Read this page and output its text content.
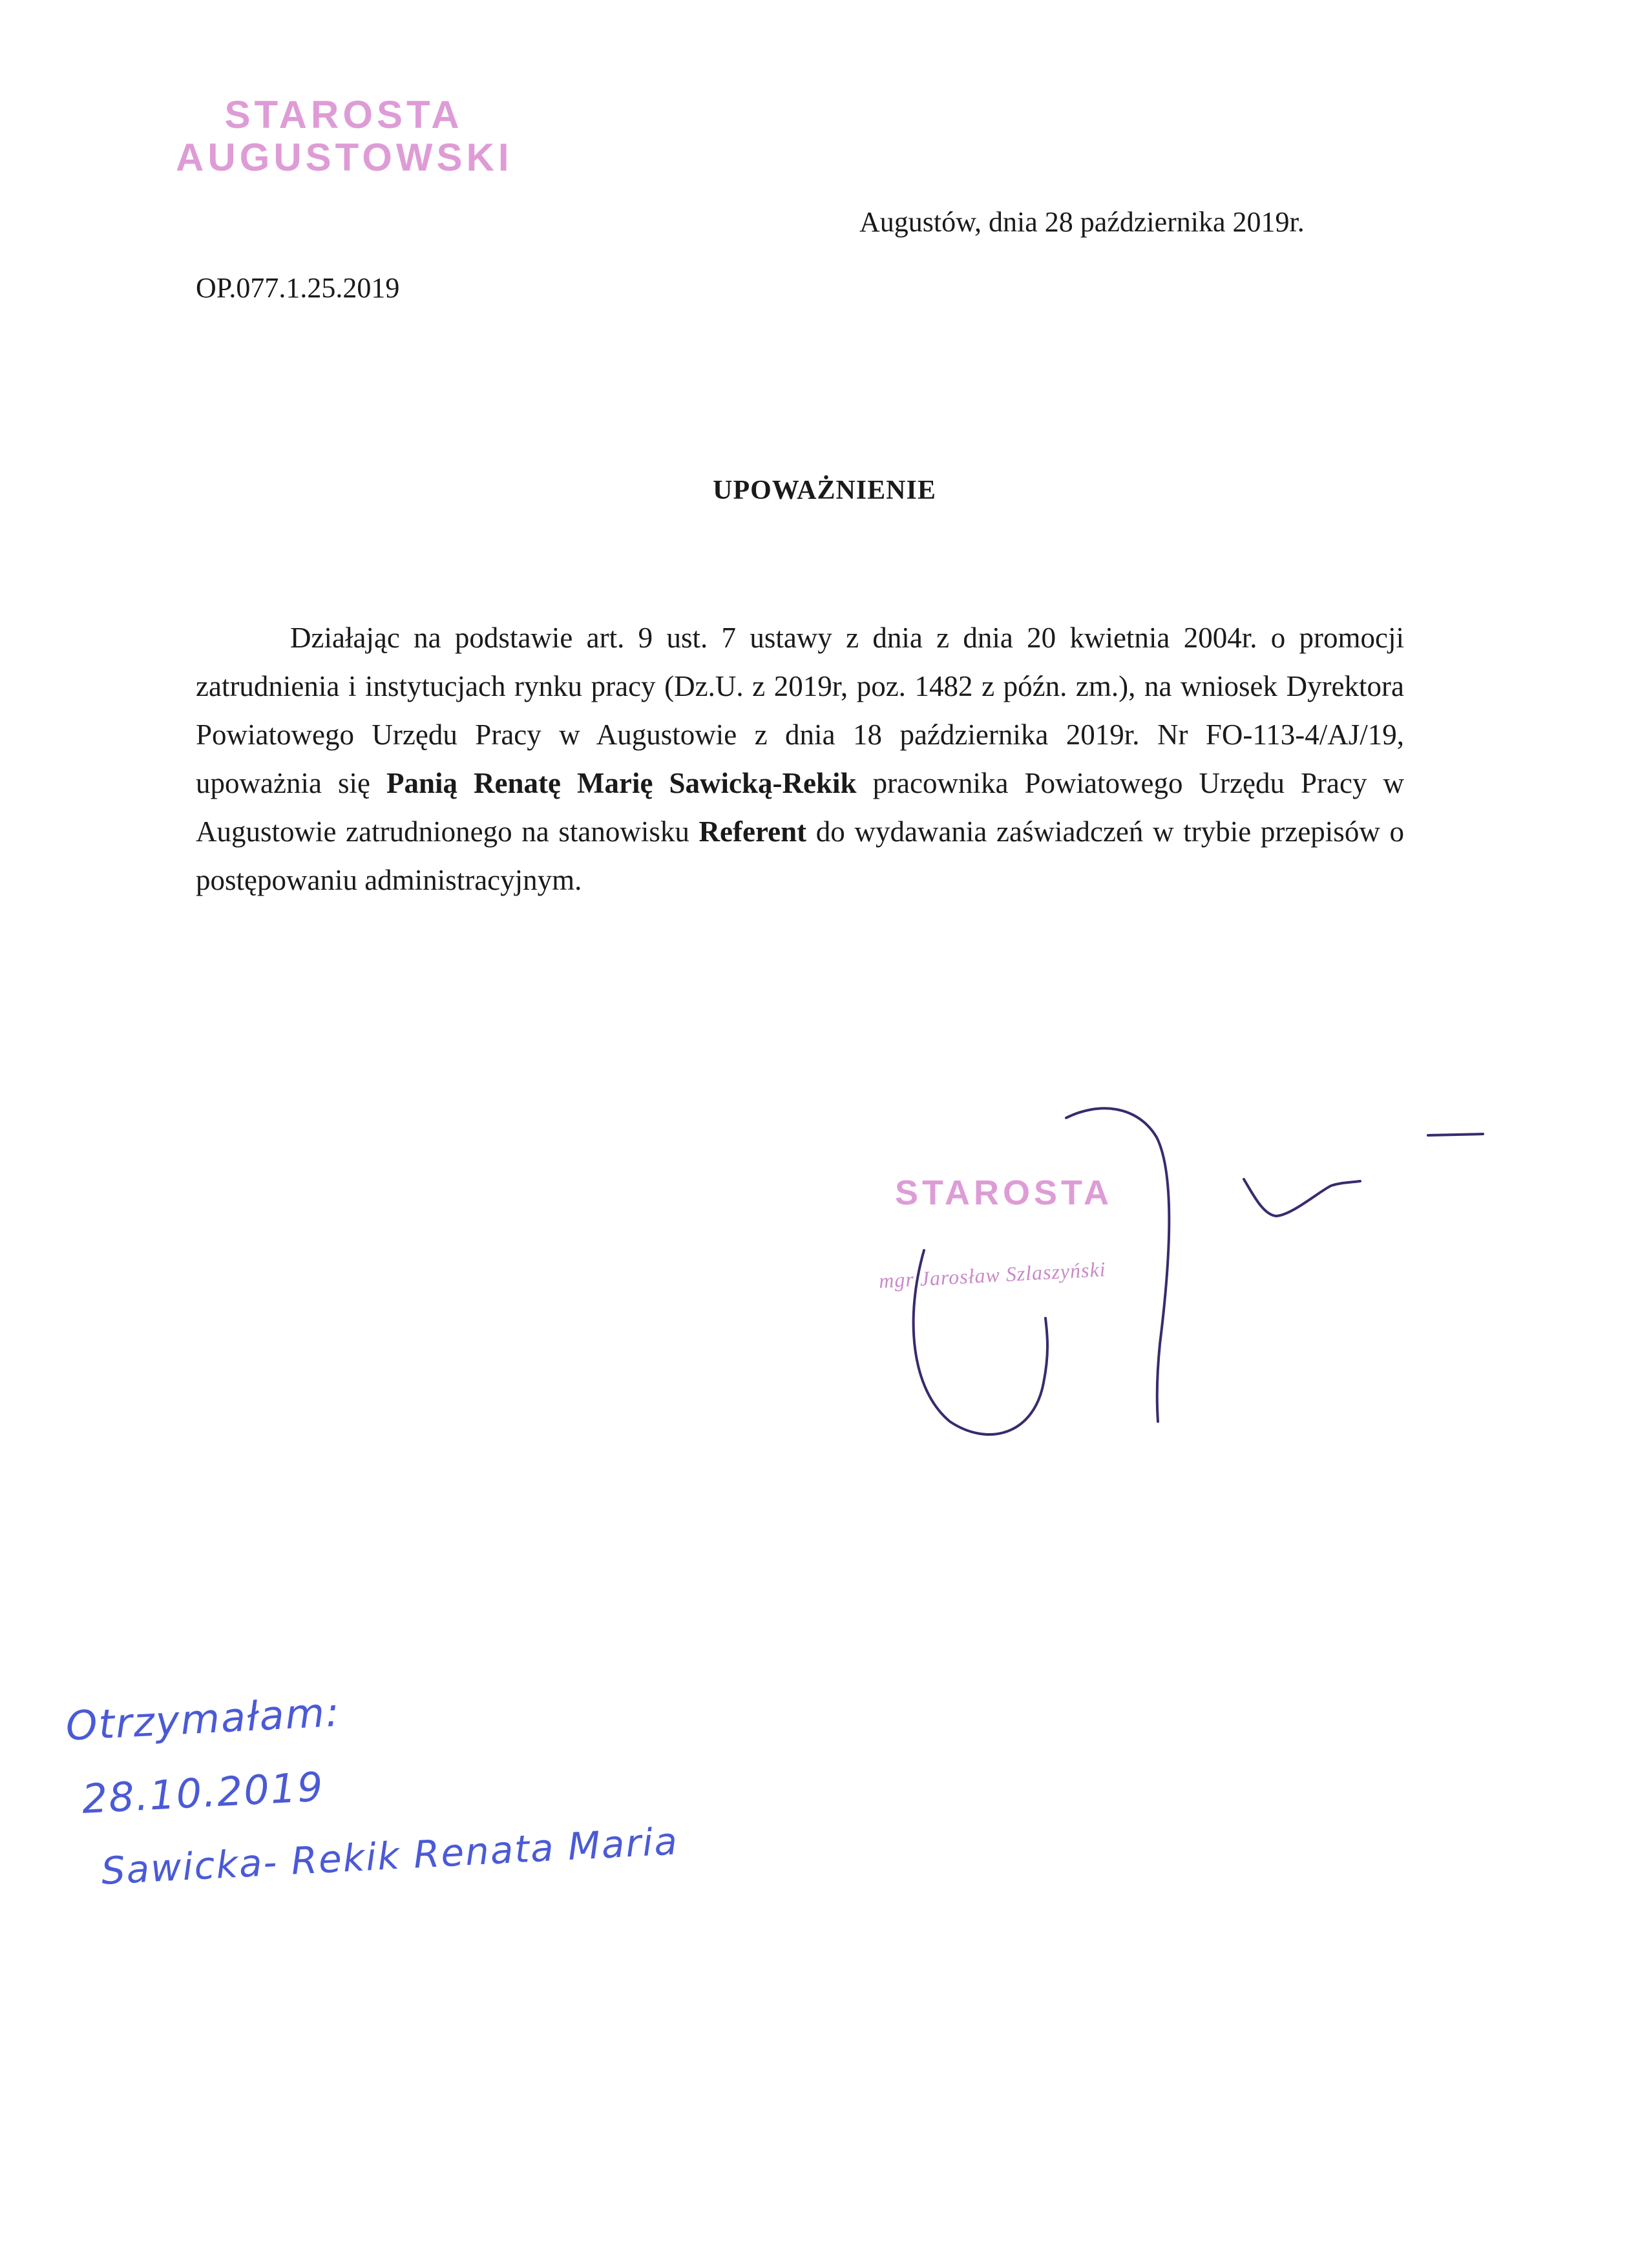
STAROSTA
AUGUSTOWSKI
Augustów, dnia 28 października 2019r.
OP.077.1.25.2019
UPOWAŻNIENIE

Działając na podstawie art. 9 ust. 7 ustawy z dnia z dnia 20 kwietnia 2004r. o promocji zatrudnienia i instytucjach rynku pracy (Dz.U. z 2019r, poz. 1482 z późn. zm.), na wniosek Dyrektora Powiatowego Urzędu Pracy w Augustowie z dnia 18 października 2019r. Nr FO-113-4/AJ/19, upoważnia się Panią Renatę Marię Sawicką-Rekik pracownika Powiatowego Urzędu Pracy w Augustowie zatrudnionego na stanowisku Referent do wydawania zaświadczeń w trybie przepisów o postępowaniu administracyjnym.

STAROSTA
mgr Jarosław Szlaszyński
Otrzymałam:
28.10.2019
Sawicka- Rekik Renata Maria
